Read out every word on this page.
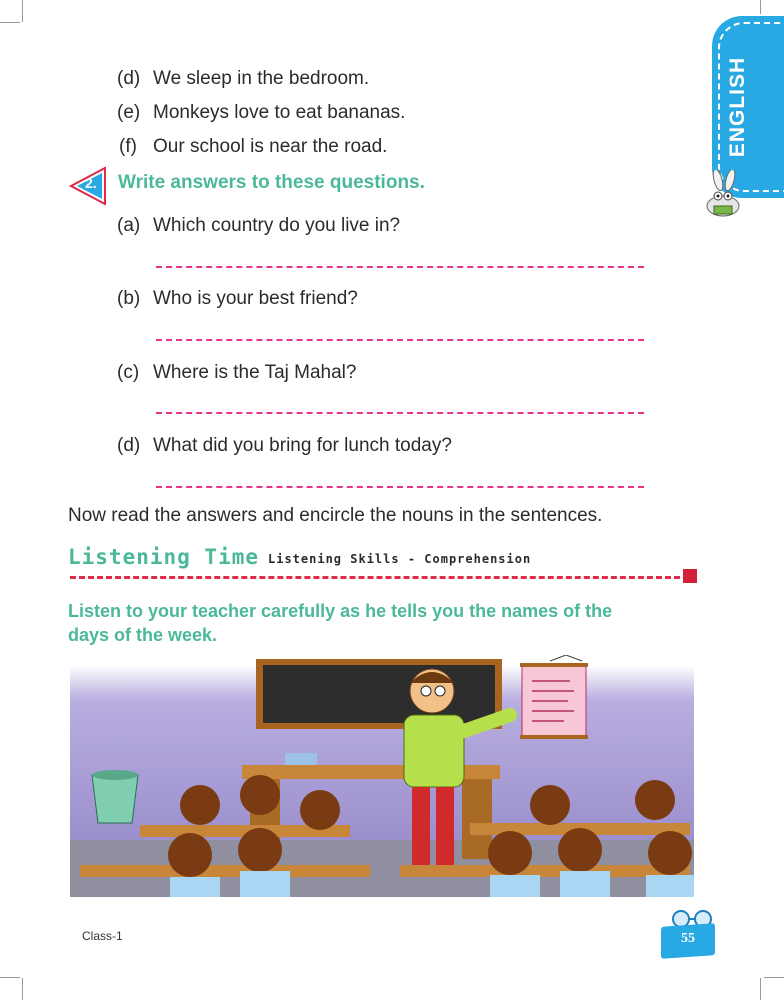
ENGLISH
(d) We sleep in the bedroom.
(e) Monkeys love to eat bananas.
(f) Our school is near the road.
2. Write answers to these questions.
(a) Which country do you live in?
(b) Who is your best friend?
(c) Where is the Taj Mahal?
(d) What did you bring for lunch today?
Now read the answers and encircle the nouns in the sentences.
Listening Time Listening Skills - Comprehension
Listen to your teacher carefully as he tells you the names of the
days of the week.
Class-1	55
